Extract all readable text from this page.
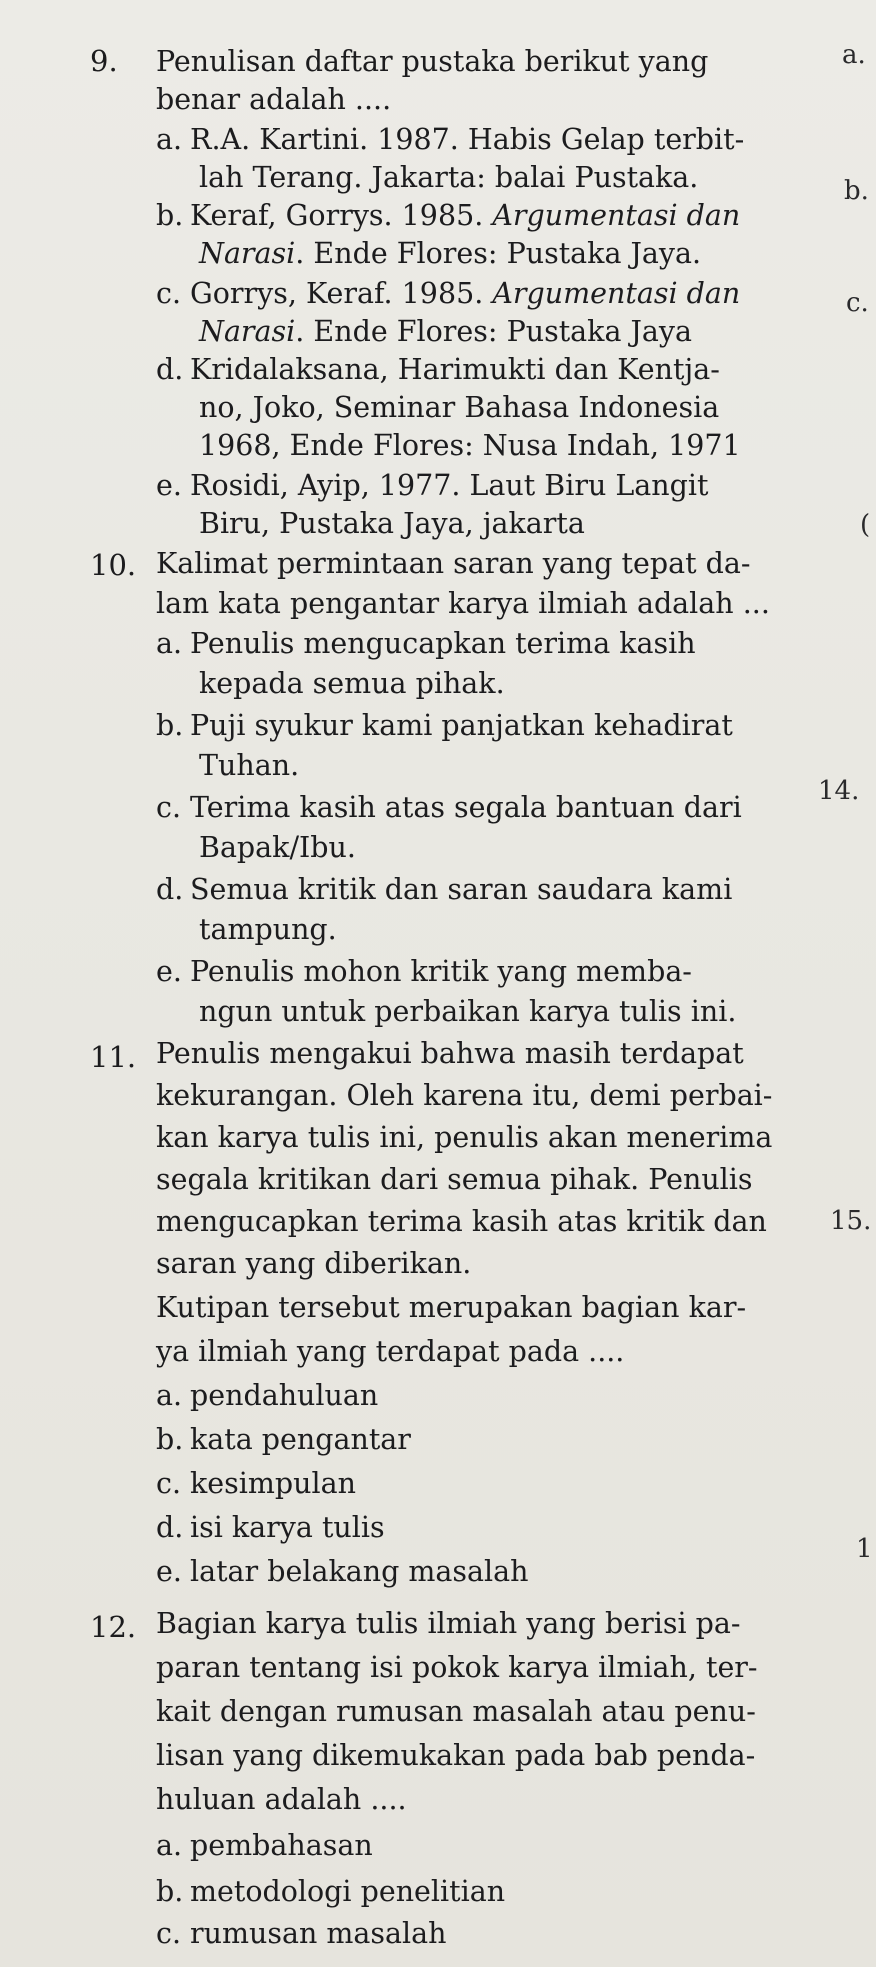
9. Penulisan daftar pustaka berikut yang
benar adalah ....
a. R.A. Kartini. 1987. Habis Gelap terbit-
lah Terang. Jakarta: balai Pustaka.
b. Keraf, Gorrys. 1985. Argumentasi dan
Narasi. Ende Flores: Pustaka Jaya.
c. Gorrys, Keraf. 1985. Argumentasi dan
Narasi. Ende Flores: Pustaka Jaya
d. Kridalaksana, Harimukti dan Kentja-
no, Joko, Seminar Bahasa Indonesia
1968, Ende Flores: Nusa Indah, 1971
e. Rosidi, Ayip, 1977. Laut Biru Langit
Biru, Pustaka Jaya, jakarta
10. Kalimat permintaan saran yang tepat da-
lam kata pengantar karya ilmiah adalah ...
a. Penulis mengucapkan terima kasih
kepada semua pihak.
b. Puji syukur kami panjatkan kehadirat
Tuhan.
c. Terima kasih atas segala bantuan dari
Bapak/Ibu.
d. Semua kritik dan saran saudara kami
tampung.
e. Penulis mohon kritik yang memba-
ngun untuk perbaikan karya tulis ini.
11. Penulis mengakui bahwa masih terdapat
kekurangan. Oleh karena itu, demi perbai-
kan karya tulis ini, penulis akan menerima
segala kritikan dari semua pihak. Penulis
mengucapkan terima kasih atas kritik dan
saran yang diberikan.
Kutipan tersebut merupakan bagian kar-
ya ilmiah yang terdapat pada ....
a. pendahuluan
b. kata pengantar
c. kesimpulan
d. isi karya tulis
e. latar belakang masalah
12. Bagian karya tulis ilmiah yang berisi pa-
paran tentang isi pokok karya ilmiah, ter-
kait dengan rumusan masalah atau penu-
lisan yang dikemukakan pada bab penda-
huluan adalah ....
a. pembahasan
b. metodologi penelitian
c. rumusan masalah
a.
b.
c.
(
14.
15.
1
